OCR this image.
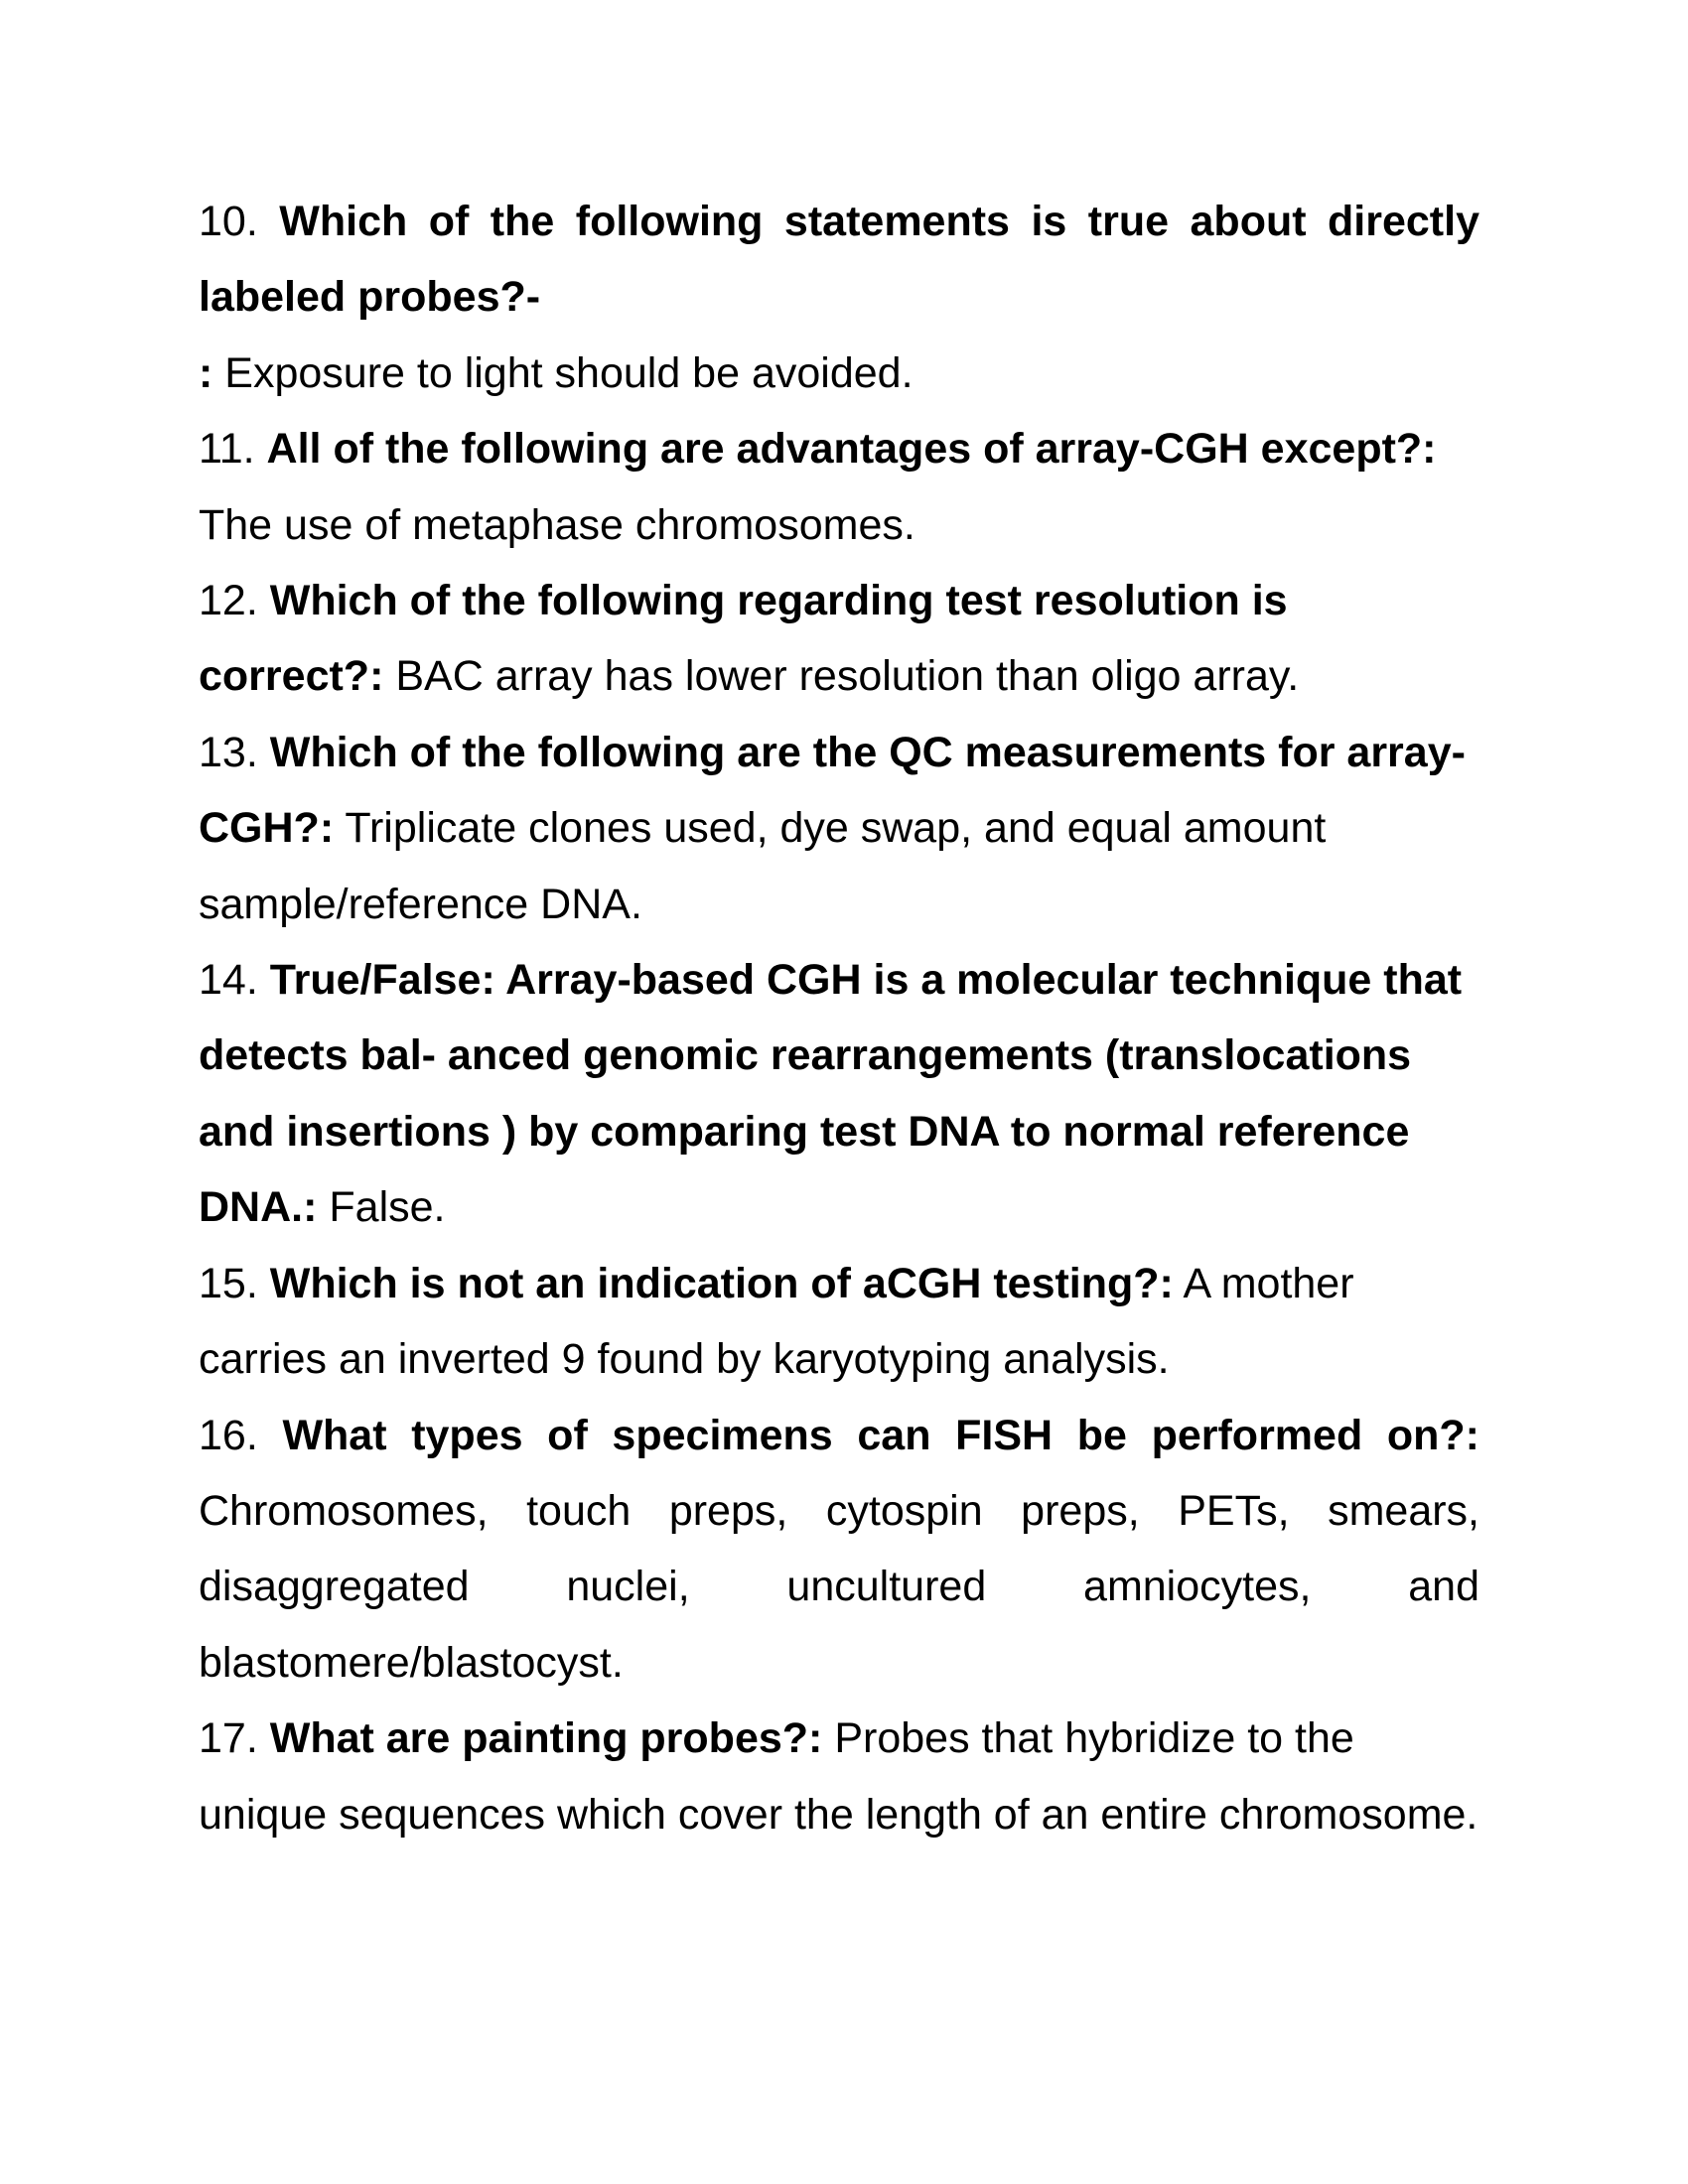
10. Which of the following statements is true about directly labeled probes?-
: Exposure to light should be avoided.

11. All of the following are advantages of array-CGH except?:
The use of metaphase chromosomes.

12. Which of the following regarding test resolution is correct?: BAC array has lower resolution than oligo array.

13. Which of the following are the QC measurements for array-CGH?: Triplicate clones used, dye swap, and equal amount sample/reference DNA.

14. True/False: Array-based CGH is a molecular technique that detects bal- anced genomic rearrangements (translocations and insertions ) by comparing test DNA to normal reference DNA.: False.

15. Which is not an indication of aCGH testing?: A mother carries an inverted 9 found by karyotyping analysis.

16. What types of specimens can FISH be performed on?: Chromosomes, touch preps, cytospin preps, PETs, smears, disaggregated nuclei, uncultured amniocytes, and blastomere/blastocyst.

17. What are painting probes?: Probes that hybridize to the unique sequences which cover the length of an entire chromosome.
